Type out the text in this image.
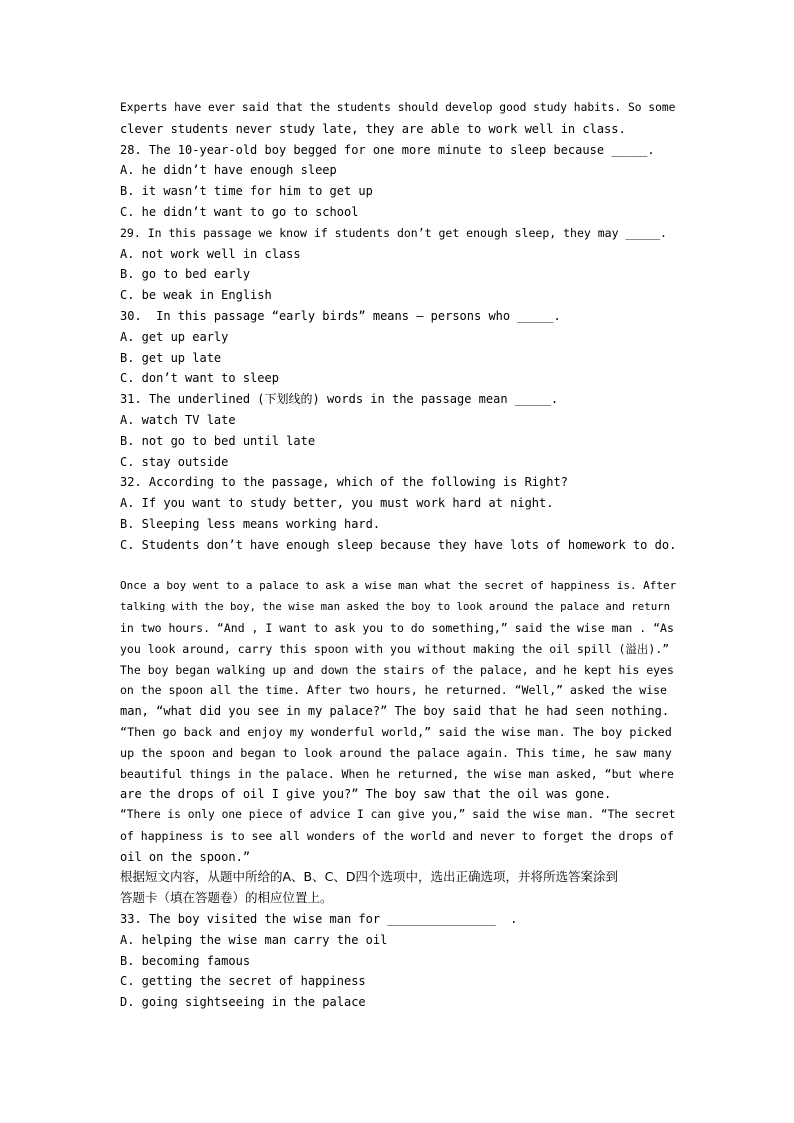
Experts have ever said that the students should develop good study habits. So some
clever students never study late, they are able to work well in class.
28. The 10-year-old boy begged for one more minute to sleep because _____.
A. he didn’t have enough sleep
B. it wasn’t time for him to get up
C. he didn’t want to go to school
29. In this passage we know if students don’t get enough sleep, they may _____.
A. not work well in class
B. go to bed early
C. be weak in English
30.  In this passage “early birds” means — persons who _____.
A. get up early
B. get up late
C. don’t want to sleep
31. The underlined (下划线的) words in the passage mean _____.
A. watch TV late
B. not go to bed until late
C. stay outside
32. According to the passage, which of the following is Right?
A. If you want to study better, you must work hard at night.
B. Sleeping less means working hard.
C. Students don’t have enough sleep because they have lots of homework to do.
Once a boy went to a palace to ask a wise man what the secret of happiness is. After
talking with the boy, the wise man asked the boy to look around the palace and return
in two hours. “And , I want to ask you to do something,” said the wise man . “As
you look around, carry this spoon with you without making the oil spill (溢出).”
The boy began walking up and down the stairs of the palace, and he kept his eyes
on the spoon all the time. After two hours, he returned. “Well,” asked the wise
man, “what did you see in my palace?” The boy said that he had seen nothing.
“Then go back and enjoy my wonderful world,” said the wise man. The boy picked
up the spoon and began to look around the palace again. This time, he saw many
beautiful things in the palace. When he returned, the wise man asked, “but where
are the drops of oil I give you?” The boy saw that the oil was gone.
“There is only one piece of advice I can give you,” said the wise man. “The secret
of happiness is to see all wonders of the world and never to forget the drops of
oil on the spoon.”
根据短文内容，从题中所给的A、B、C、D四个选项中，选出正确选项，并将所选答案涂到
答题卡（填在答题卷）的相应位置上。
33. The boy visited the wise man for _______________  .
A. helping the wise man carry the oil
B. becoming famous
C. getting the secret of happiness
D. going sightseeing in the palace
